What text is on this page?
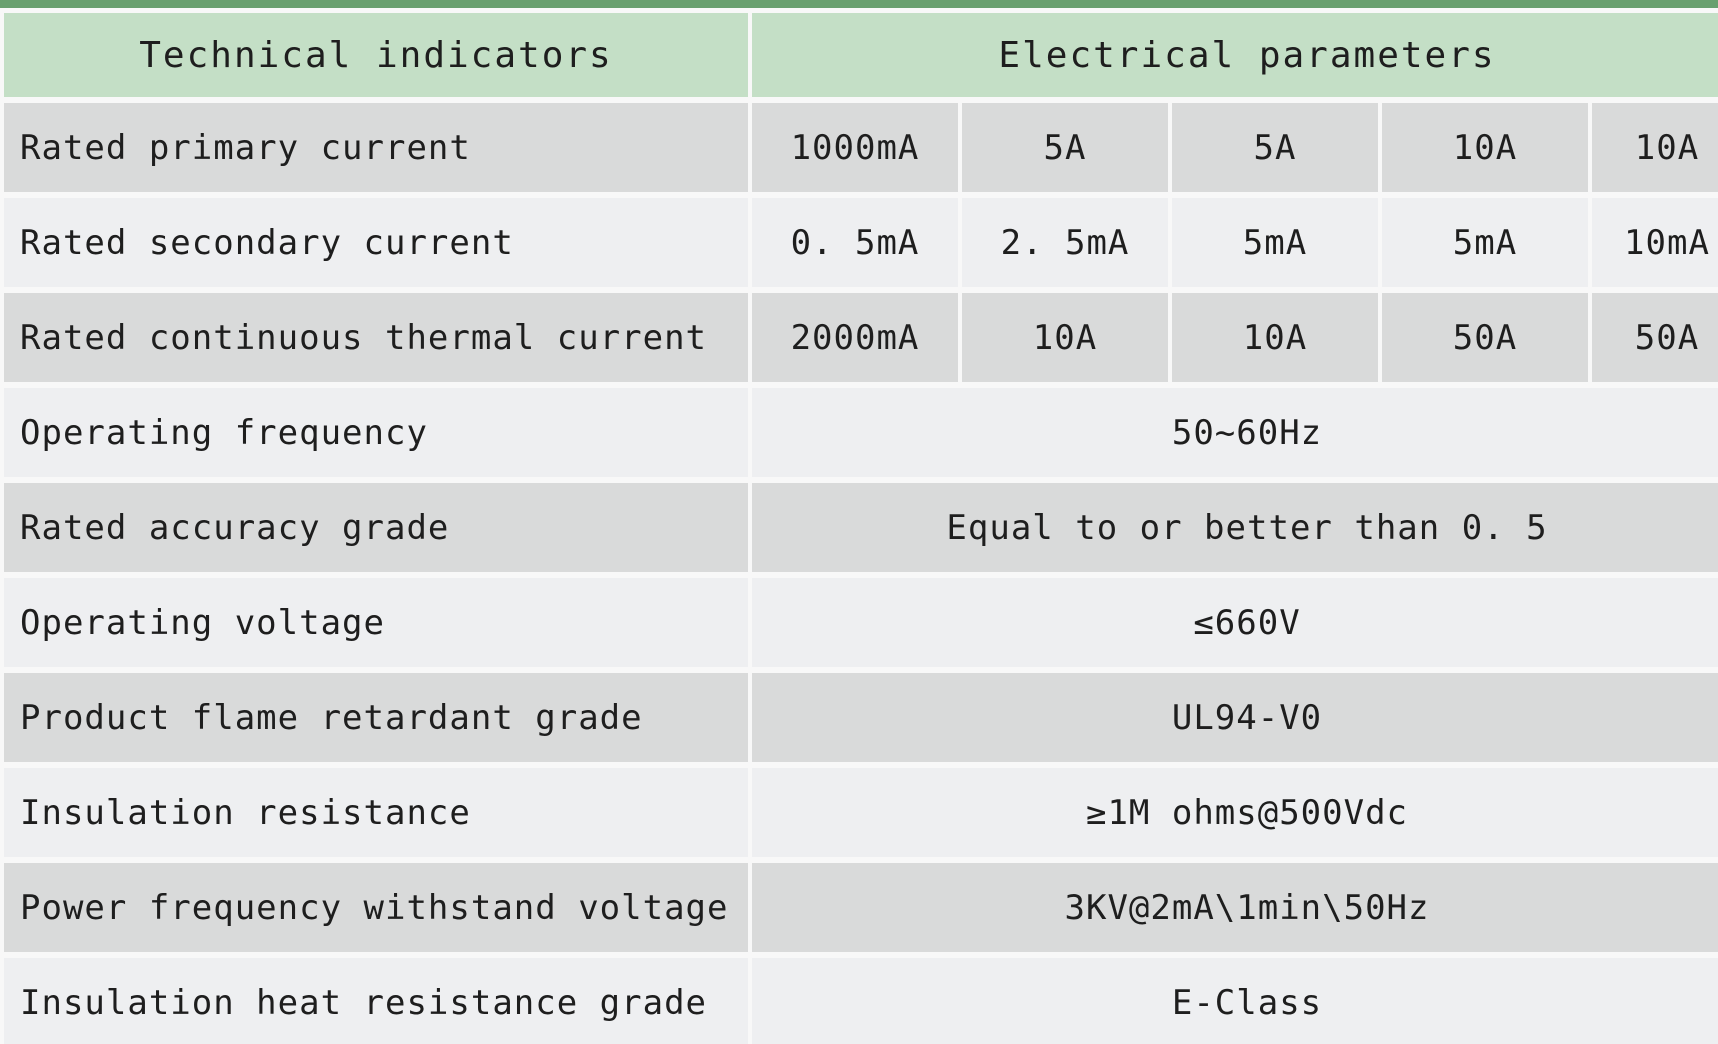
Technical indicators	Electrical parameters
Rated primary current	1000mA	5A	5A	10A	10A
Rated secondary current	0. 5mA	2. 5mA	5mA	5mA	10mA
Rated continuous thermal current	2000mA	10A	10A	50A	50A
Operating frequency	50~60Hz
Rated accuracy grade	Equal to or better than 0. 5
Operating voltage	≤660V
Product flame retardant grade	UL94-V0
Insulation resistance	≥1M ohms@500Vdc
Power frequency withstand voltage	3KV@2mA\1min\50Hz
Insulation heat resistance grade	E-Class
